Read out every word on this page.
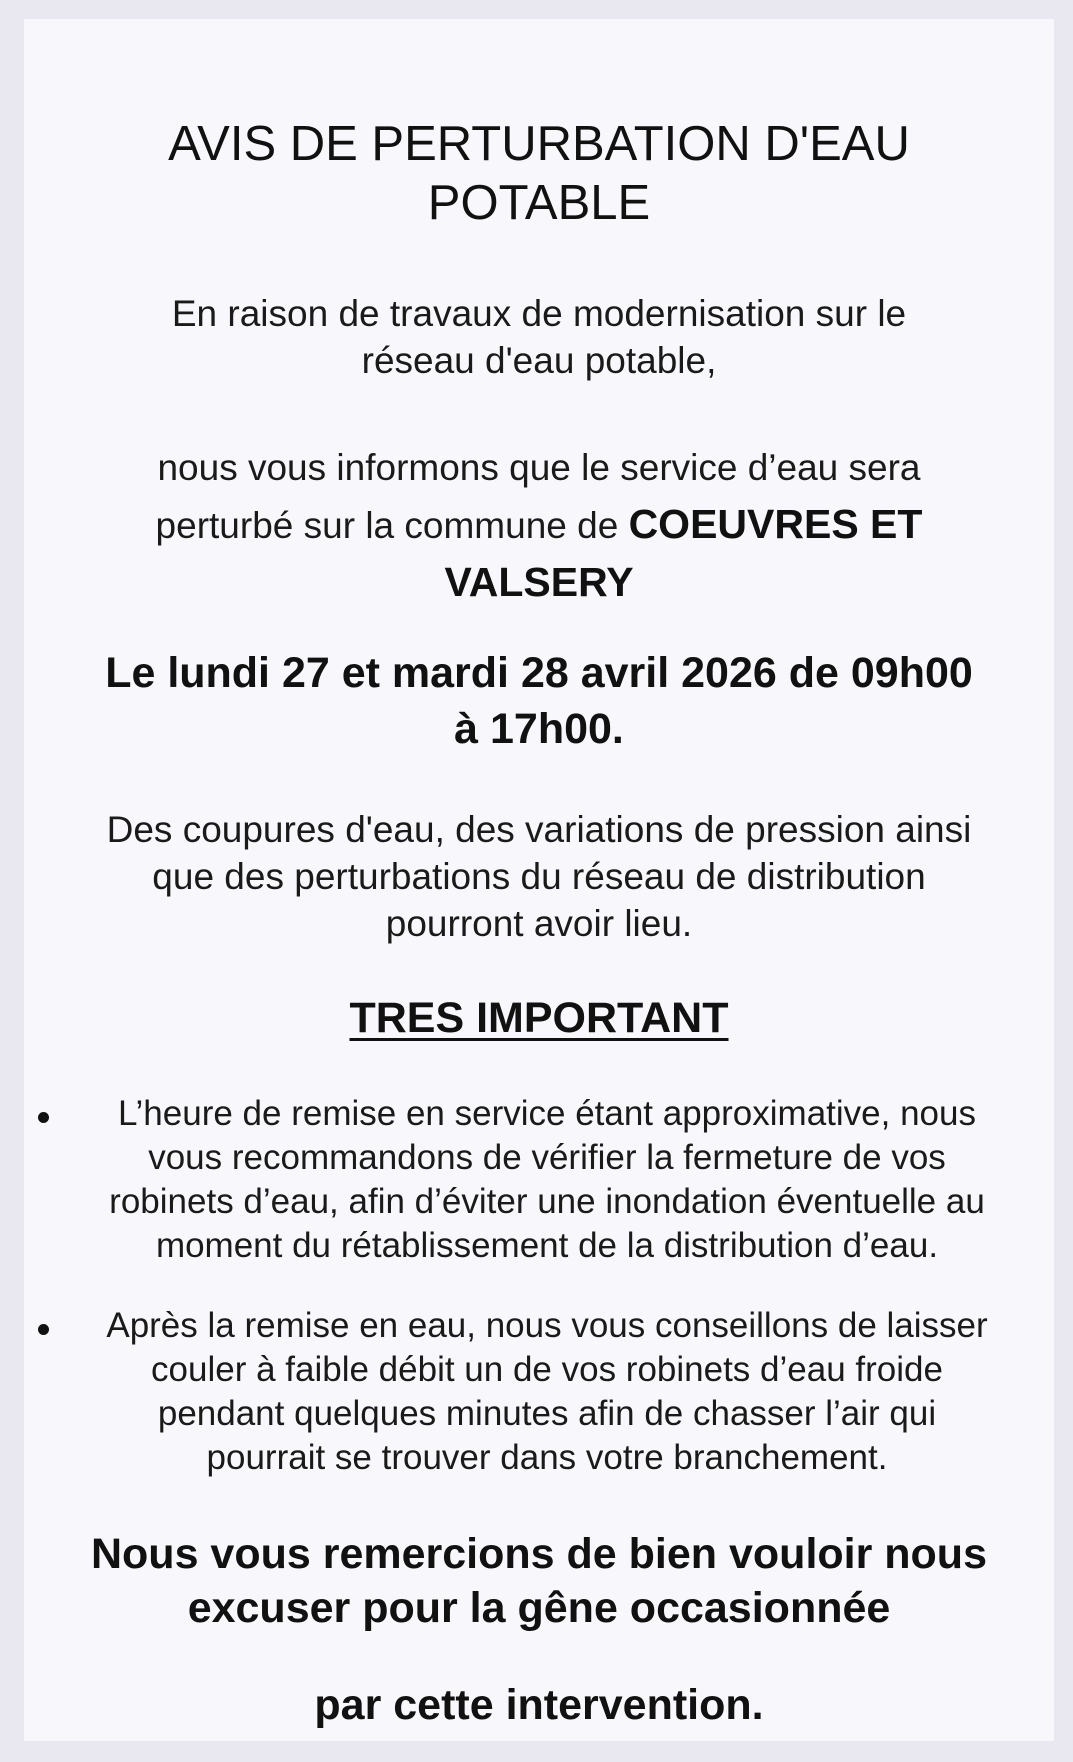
AVIS DE PERTURBATION D'EAU
POTABLE

En raison de travaux de modernisation sur le
réseau d'eau potable,

nous vous informons que le service d’eau sera
perturbé sur la commune de COEUVRES ET
VALSERY

Le lundi 27 et mardi 28 avril 2026 de 09h00
à 17h00.

Des coupures d'eau, des variations de pression ainsi
que des perturbations du réseau de distribution
pourront avoir lieu.

TRES IMPORTANT

L’heure de remise en service étant approximative, nous
vous recommandons de vérifier la fermeture de vos
robinets d’eau, afin d’éviter une inondation éventuelle au
moment du rétablissement de la distribution d’eau.

Après la remise en eau, nous vous conseillons de laisser
couler à faible débit un de vos robinets d’eau froide
pendant quelques minutes afin de chasser l’air qui
pourrait se trouver dans votre branchement.

Nous vous remercions de bien vouloir nous
excuser pour la gêne occasionnée

par cette intervention.
